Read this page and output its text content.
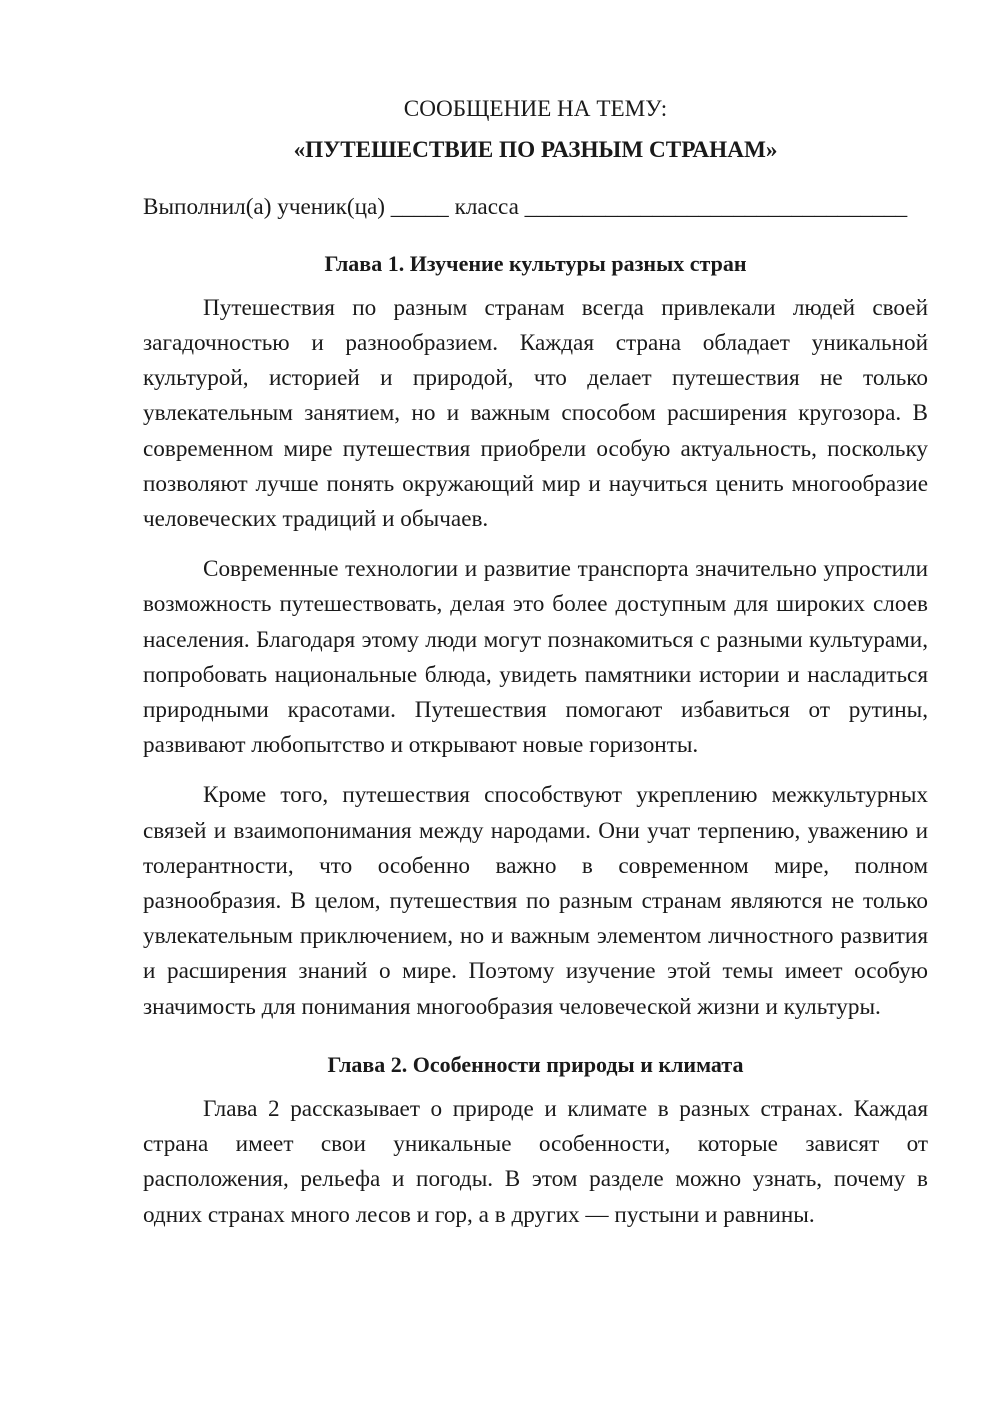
СООБЩЕНИЕ НА ТЕМУ:

«ПУТЕШЕСТВИЕ ПО РАЗНЫМ СТРАНАМ»

Выполнил(а) ученик(ца) _____ класса _________________________________

Глава 1. Изучение культуры разных стран

Путешествия по разным странам всегда привлекали людей своей загадочностью и разнообразием. Каждая страна обладает уникальной культурой, историей и природой, что делает путешествия не только увлекательным занятием, но и важным способом расширения кругозора. В современном мире путешествия приобрели особую актуальность, поскольку позволяют лучше понять окружающий мир и научиться ценить многообразие человеческих традиций и обычаев.

Современные технологии и развитие транспорта значительно упростили возможность путешествовать, делая это более доступным для широких слоев населения. Благодаря этому люди могут познакомиться с разными культурами, попробовать национальные блюда, увидеть памятники истории и насладиться природными красотами. Путешествия помогают избавиться от рутины, развивают любопытство и открывают новые горизонты.

Кроме того, путешествия способствуют укреплению межкультурных связей и взаимопонимания между народами. Они учат терпению, уважению и толерантности, что особенно важно в современном мире, полном разнообразия. В целом, путешествия по разным странам являются не только увлекательным приключением, но и важным элементом личностного развития и расширения знаний о мире. Поэтому изучение этой темы имеет особую значимость для понимания многообразия человеческой жизни и культуры.

Глава 2. Особенности природы и климата

Глава 2 рассказывает о природе и климате в разных странах. Каждая страна имеет свои уникальные особенности, которые зависят от расположения, рельефа и погоды. В этом разделе можно узнать, почему в одних странах много лесов и гор, а в других — пустыни и равнины.
